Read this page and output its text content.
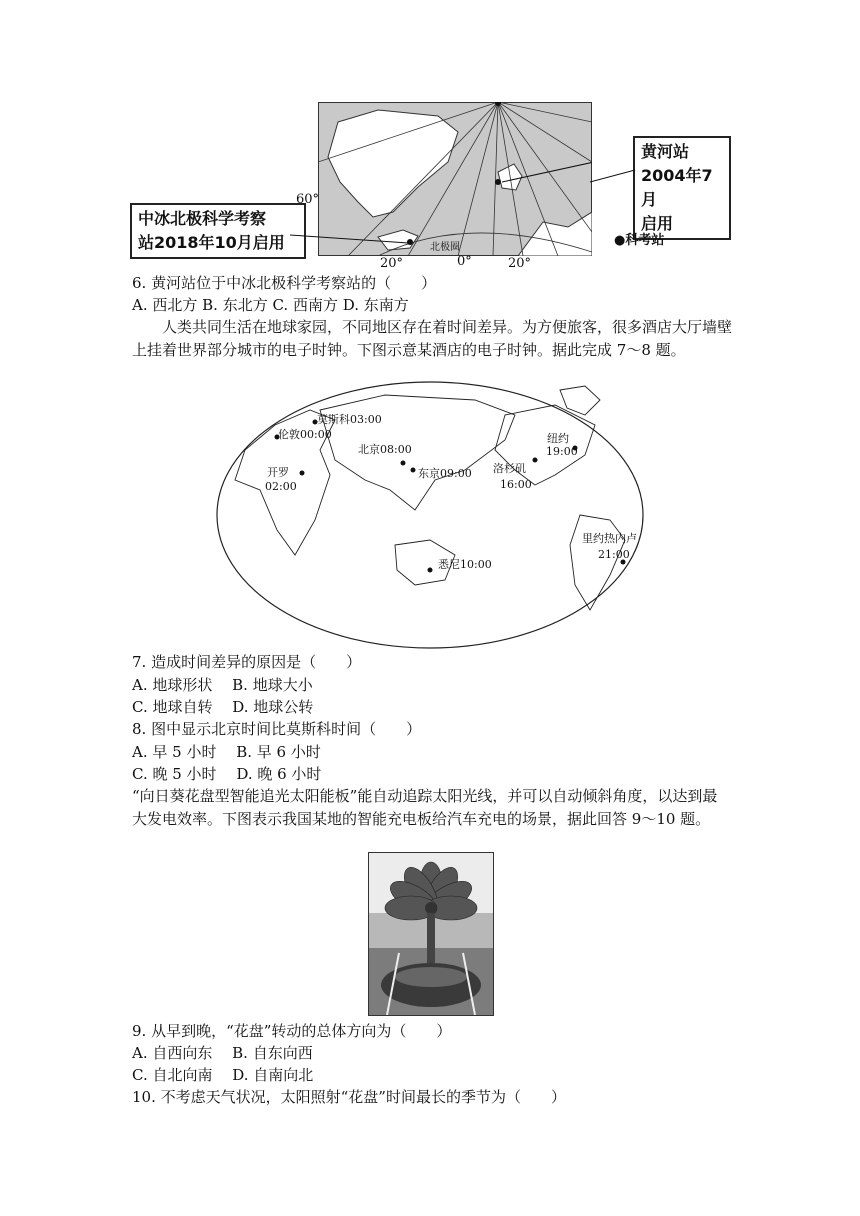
北极圈
黄河站
2004年7月
启用
中冰北极科学考察
站2018年10月启用
60°
20°	0°	20°
●科考站
6. 黄河站位于中冰北极科学考察站的（　　）
A. 西北方 B. 东北方 C. 西南方 D. 东南方
人类共同生活在地球家园，不同地区存在着时间差异。为方便旅客，很多酒店大厅墙壁上挂着世界部分城市的电子时钟。下图示意某酒店的电子时钟。据此完成 7～8 题。
莫斯科03:00
伦敦00:00
开罗
02:00
北京08:00
东京09:00
悉尼10:00
洛杉矶
16:00
纽约
19:00
里约热内卢
21:00
7. 造成时间差异的原因是（　　）
A. 地球形状　 B. 地球大小
C. 地球自转　 D. 地球公转
8. 图中显示北京时间比莫斯科时间（　　）
A. 早 5 小时　 B. 早 6 小时
C. 晚 5 小时　 D. 晚 6 小时
“向日葵花盘型智能追光太阳能板”能自动追踪太阳光线，并可以自动倾斜角度，以达到最大发电效率。下图表示我国某地的智能充电板给汽车充电的场景，据此回答 9～10 题。
9. 从早到晚，“花盘”转动的总体方向为（　　）
A. 自西向东　 B. 自东向西
C. 自北向南　 D. 自南向北
10. 不考虑天气状况，太阳照射“花盘”时间最长的季节为（　　）
